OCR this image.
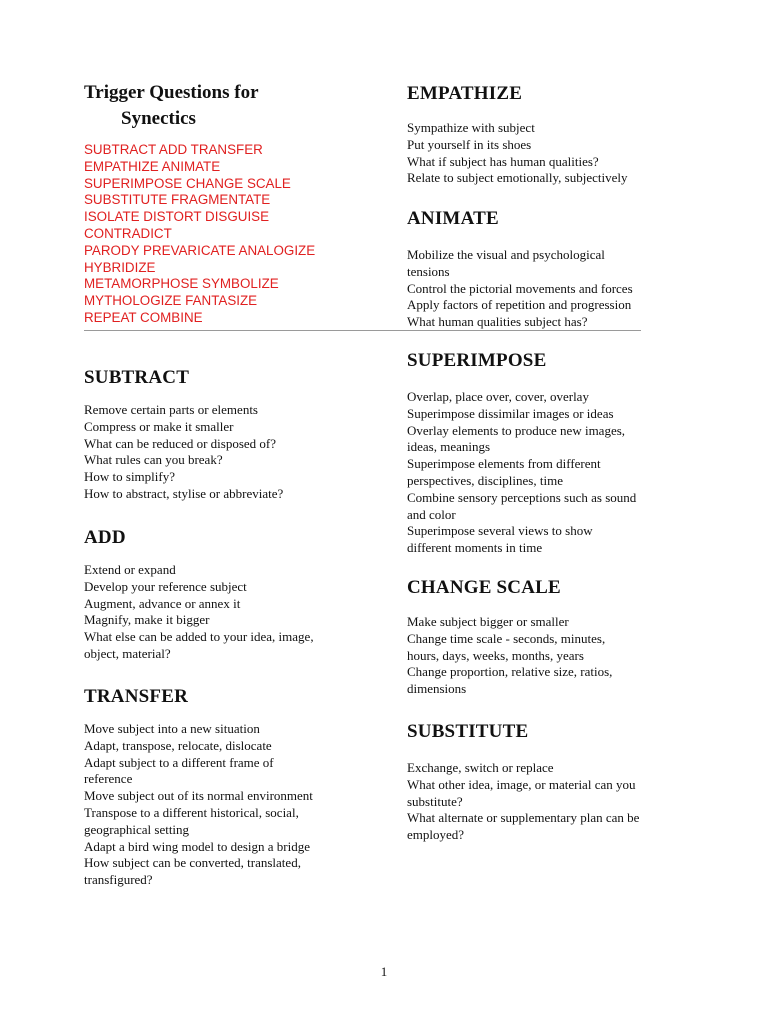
Trigger Questions for
Synectics
SUBTRACT ADD TRANSFER
EMPATHIZE ANIMATE
SUPERIMPOSE CHANGE SCALE
SUBSTITUTE FRAGMENTATE
ISOLATE DISTORT DISGUISE
CONTRADICT
PARODY PREVARICATE ANALOGIZE
HYBRIDIZE
METAMORPHOSE SYMBOLIZE
MYTHOLOGIZE FANTASIZE
REPEAT COMBINE
SUBTRACT
Remove certain parts or elements
Compress or make it smaller
What can be reduced or disposed of?
What rules can you break?
How to simplify?
How to abstract, stylise or abbreviate?
ADD
Extend or expand
Develop your reference subject
Augment, advance or annex it
Magnify, make it bigger
What else can be added to your idea, image,
object, material?
TRANSFER
Move subject into a new situation
Adapt, transpose, relocate, dislocate
Adapt subject to a different frame of
reference
Move subject out of its normal environment
Transpose to a different historical, social,
geographical setting
Adapt a bird wing model to design a bridge
How subject can be converted, translated,
transfigured?
EMPATHIZE
Sympathize with subject
Put yourself in its shoes
What if subject has human qualities?
Relate to subject emotionally, subjectively
ANIMATE
Mobilize the visual and psychological
tensions
Control the pictorial movements and forces
Apply factors of repetition and progression
What human qualities subject has?
SUPERIMPOSE
Overlap, place over, cover, overlay
Superimpose dissimilar images or ideas
Overlay elements to produce new images,
ideas, meanings
Superimpose elements from different
perspectives, disciplines, time
Combine sensory perceptions such as sound
and color
Superimpose several views to show
different moments in time
CHANGE SCALE
Make subject bigger or smaller
Change time scale - seconds, minutes,
hours, days, weeks, months, years
Change proportion, relative size, ratios,
dimensions
SUBSTITUTE
Exchange, switch or replace
What other idea, image, or material can you
substitute?
What alternate or supplementary plan can be
employed?
1
